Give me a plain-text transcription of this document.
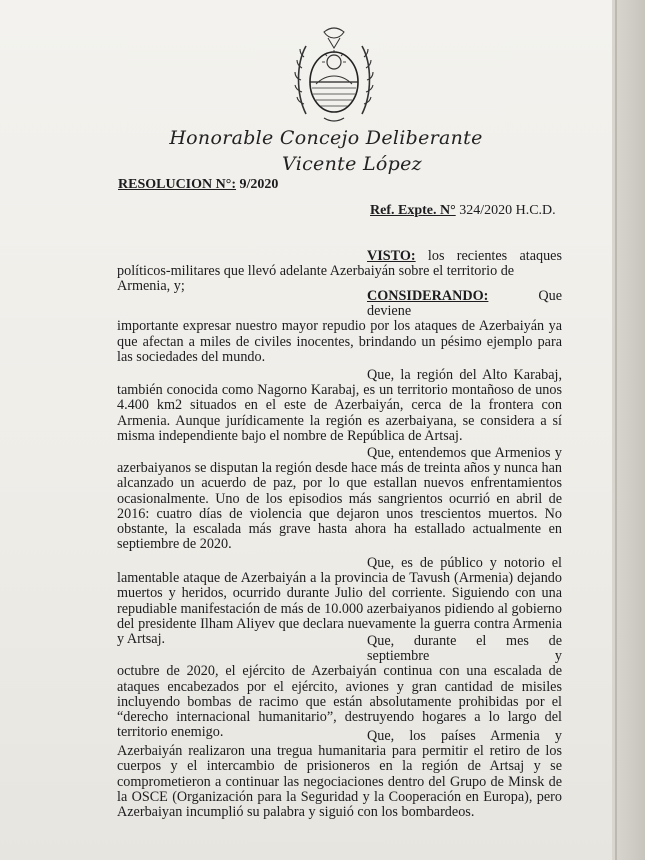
Honorable Concejo Deliberante
Vicente López
RESOLUCION N°: 9/2020
Ref. Expte. N° 324/2020 H.C.D.
VISTO: los recientes ataques
políticos-militares que llevó adelante Azerbaiyán sobre el territorio de Armenia, y;
CONSIDERANDO:	Que deviene
importante expresar nuestro mayor repudio por los ataques de Azerbaiyán ya que afectan a miles de civiles inocentes, brindando un pésimo ejemplo para las sociedades del mundo.
Que, la región del Alto Karabaj,
también conocida como Nagorno Karabaj, es un territorio montañoso de unos 4.400 km2 situados en el este de Azerbaiyán, cerca de la frontera con Armenia. Aunque jurídicamente la región es azerbaiyana, se considera a sí misma independiente bajo el nombre de República de Artsaj.
Que, entendemos que Armenios y
azerbaiyanos se disputan la región desde hace más de treinta años y nunca han alcanzado un acuerdo de paz, por lo que estallan nuevos enfrentamientos ocasionalmente. Uno de los episodios más sangrientos ocurrió en abril de 2016: cuatro días de violencia que dejaron unos trescientos muertos. No obstante, la escalada más grave hasta ahora ha estallado actualmente en septiembre de 2020.
Que, es de público y notorio el
lamentable ataque de Azerbaiyán a la provincia de Tavush (Armenia) dejando muertos y heridos, ocurrido durante Julio del corriente. Siguiendo con una repudiable manifestación de más de 10.000 azerbaiyanos pidiendo al gobierno del presidente Ilham Aliyev que declara nuevamente la guerra contra Armenia y Artsaj.	Que, durante el mes de septiembre y
octubre de 2020, el ejército de Azerbaiyán continua con una escalada de ataques encabezados por el ejército, aviones y gran cantidad de misiles incluyendo bombas de racimo que están absolutamente prohibidas por el “derecho internacional humanitario”, destruyendo hogares a lo largo del territorio enemigo.	Que, los países Armenia y
Azerbaiyán realizaron una tregua humanitaria para permitir el retiro de los cuerpos y el intercambio de prisioneros en la región de Artsaj y se comprometieron a continuar las negociaciones dentro del Grupo de Minsk de la OSCE (Organización para la Seguridad y la Cooperación en Europa), pero Azerbaiyan incumplió su palabra y siguió con los bombardeos.
